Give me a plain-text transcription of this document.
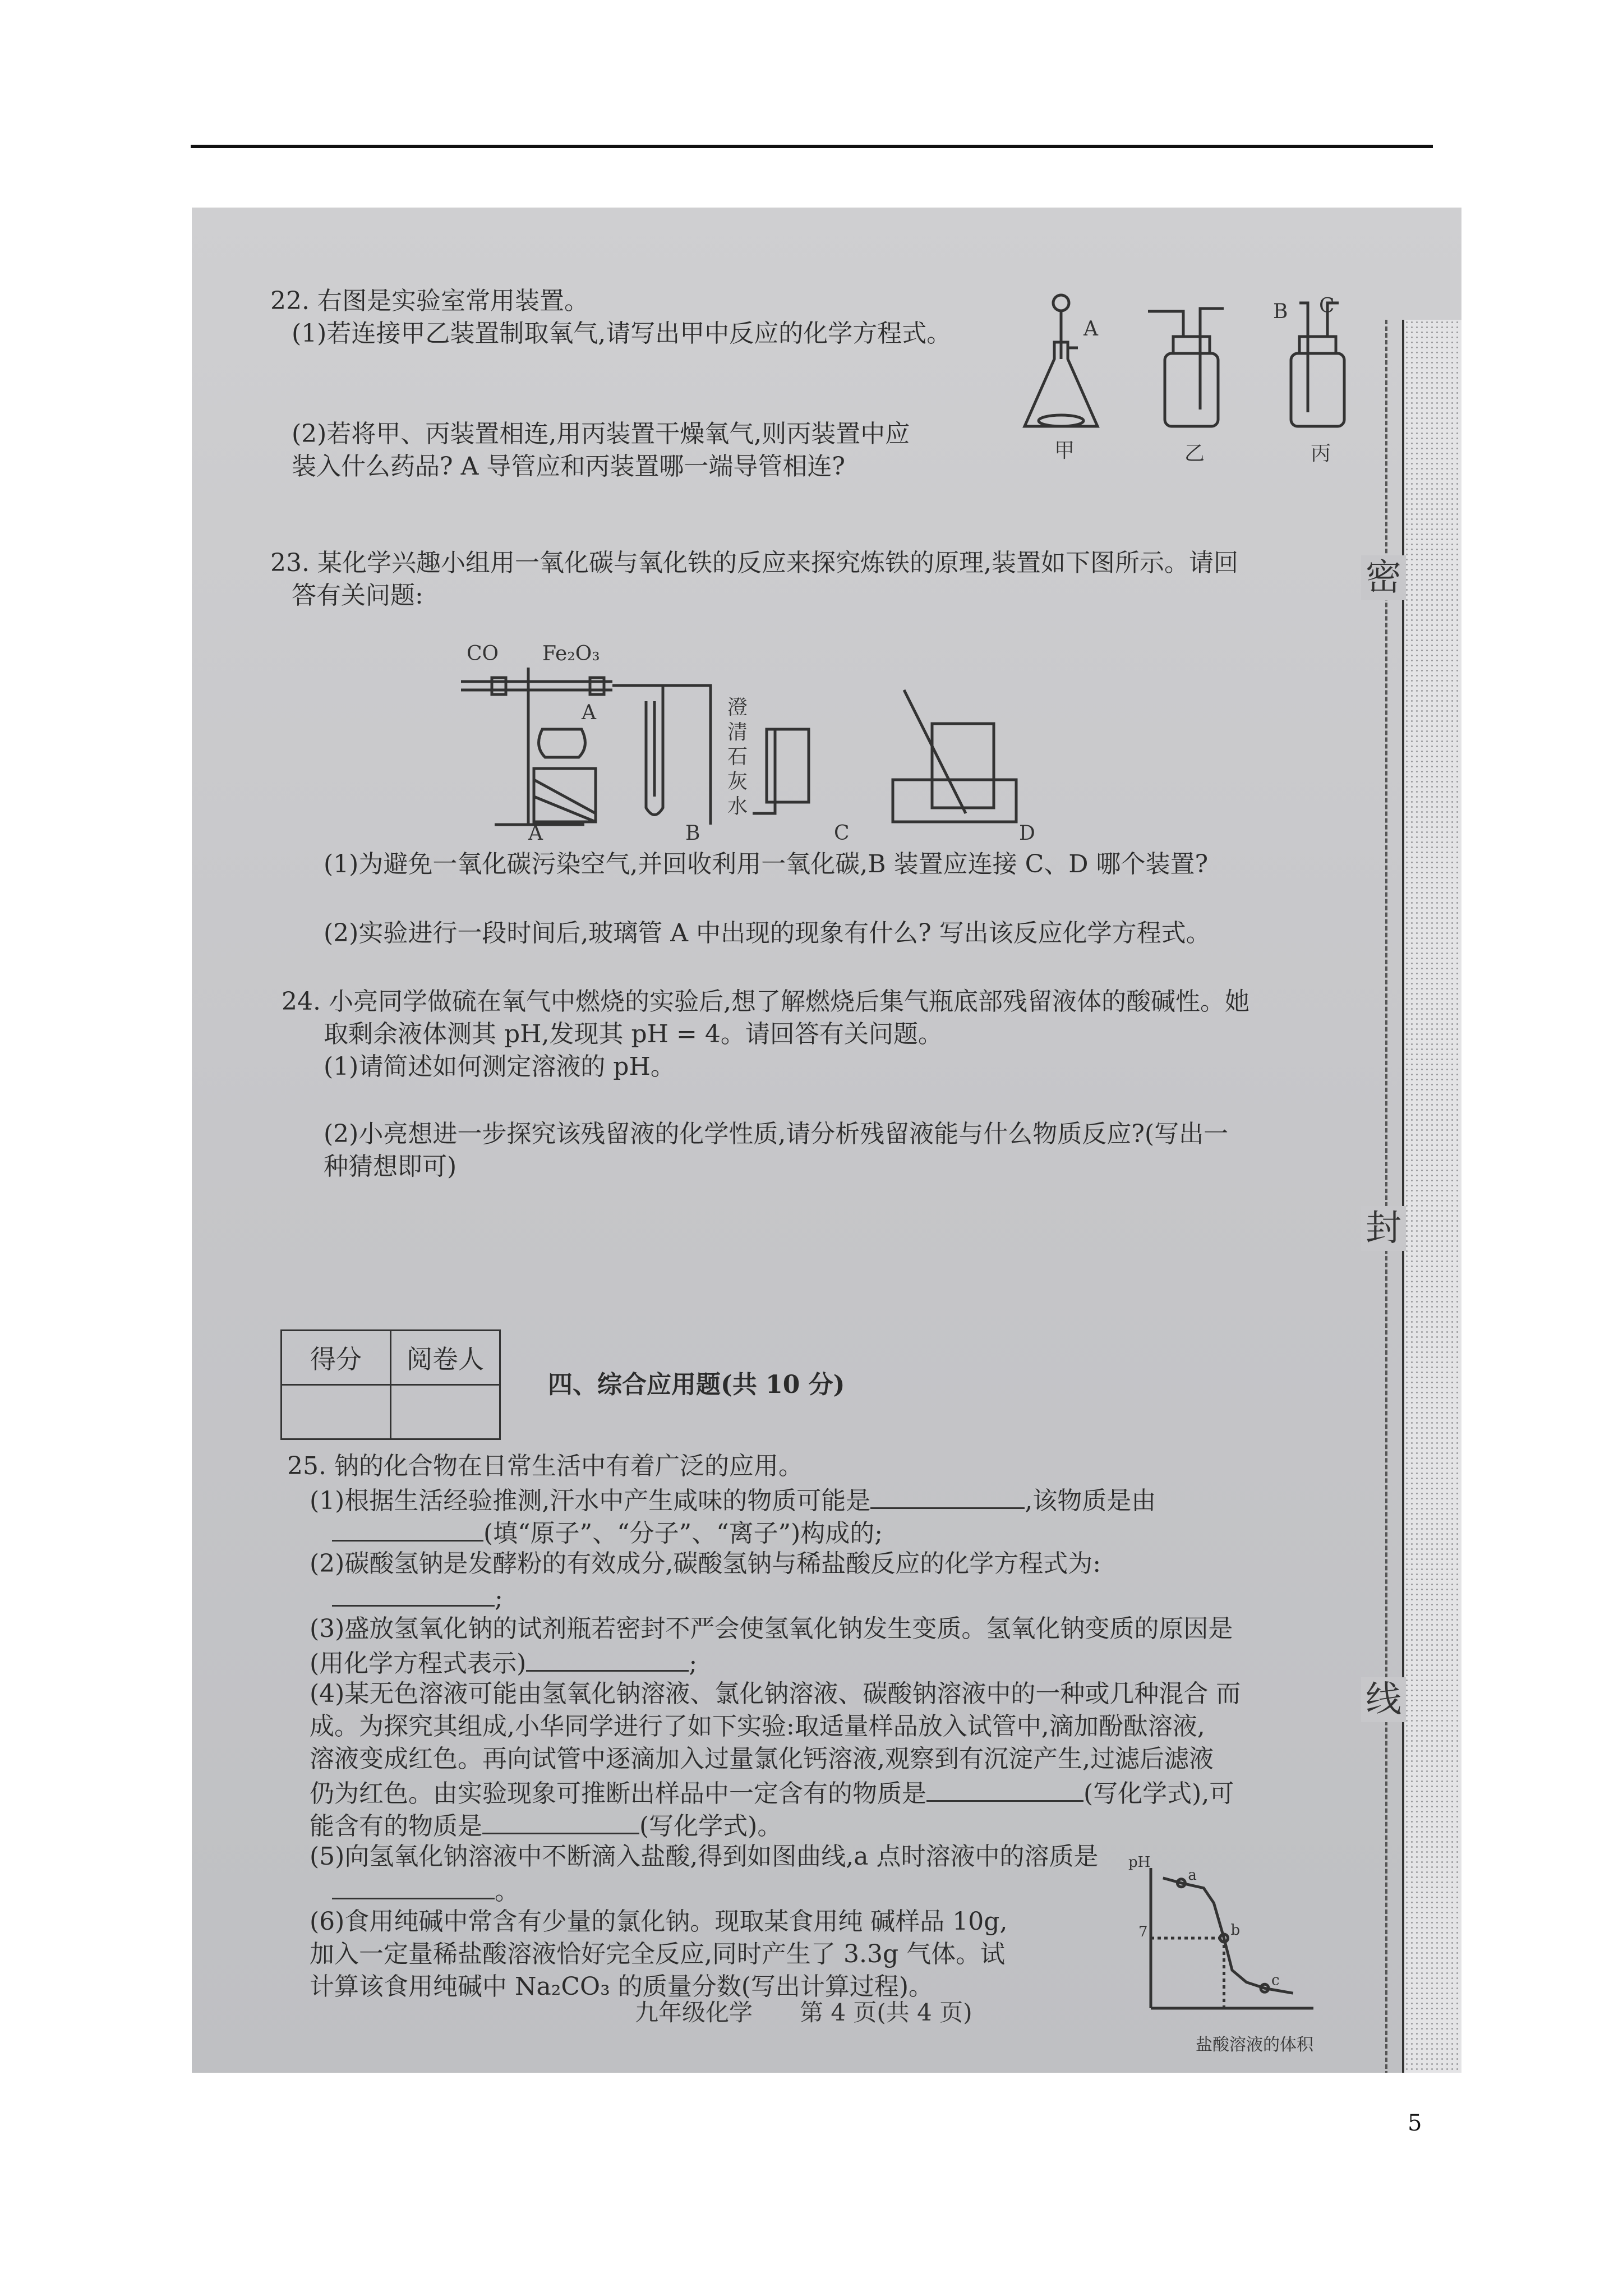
密
封
线
22. 右图是实验室常用装置。
(1)若连接甲乙装置制取氧气,请写出甲中反应的化学方程式。
(2)若将甲、丙装置相连,用丙装置干燥氧气,则丙装置中应
装入什么药品? A 导管应和丙装置哪一端导管相连?
A
B C
甲	乙	丙
23. 某化学兴趣小组用一氧化碳与氧化铁的反应来探究炼铁的原理,装置如下图所示。请回
答有关问题:
CO Fe₂O₃
A	澄清石灰水
A	B	C	D
(1)为避免一氧化碳污染空气,并回收利用一氧化碳,B 装置应连接 C、D 哪个装置?
(2)实验进行一段时间后,玻璃管 A 中出现的现象有什么? 写出该反应化学方程式。
24. 小亮同学做硫在氧气中燃烧的实验后,想了解燃烧后集气瓶底部残留液体的酸碱性。她
取剩余液体测其 pH,发现其 pH = 4。请回答有关问题。
(1)请简述如何测定溶液的 pH。
(2)小亮想进一步探究该残留液的化学性质,请分析残留液能与什么物质反应?(写出一
种猜想即可)
得分	阅卷人

四、综合应用题(共 10 分)
25. 钠的化合物在日常生活中有着广泛的应用。
(1)根据生活经验推测,汗水中产生咸味的物质可能是	,该物质是由
(填“原子”、“分子”、“离子”)构成的;
(2)碳酸氢钠是发酵粉的有效成分,碳酸氢钠与稀盐酸反应的化学方程式为:
;
(3)盛放氢氧化钠的试剂瓶若密封不严会使氢氧化钠发生变质。氢氧化钠变质的原因是
(用化学方程式表示)	;
(4)某无色溶液可能由氢氧化钠溶液、氯化钠溶液、碳酸钠溶液中的一种或几种混合 而
成。为探究其组成,小华同学进行了如下实验:取适量样品放入试管中,滴加酚酞溶液,
溶液变成红色。再向试管中逐滴加入过量氯化钙溶液,观察到有沉淀产生,过滤后滤液
仍为红色。由实验现象可推断出样品中一定含有的物质是	(写化学式),可
能含有的物质是	(写化学式)。
(5)向氢氧化钠溶液中不断滴入盐酸,得到如图曲线,a 点时溶液中的溶质是
。
(6)食用纯碱中常含有少量的氯化钠。现取某食用纯 碱样品 10g,
加入一定量稀盐酸溶液恰好完全反应,同时产生了 3.3g 气体。试
计算该食用纯碱中 Na₂CO₃ 的质量分数(写出计算过程)。
pH
7
a
b
c
盐酸溶液的体积
九年级化学　　第 4 页(共 4 页)
5
